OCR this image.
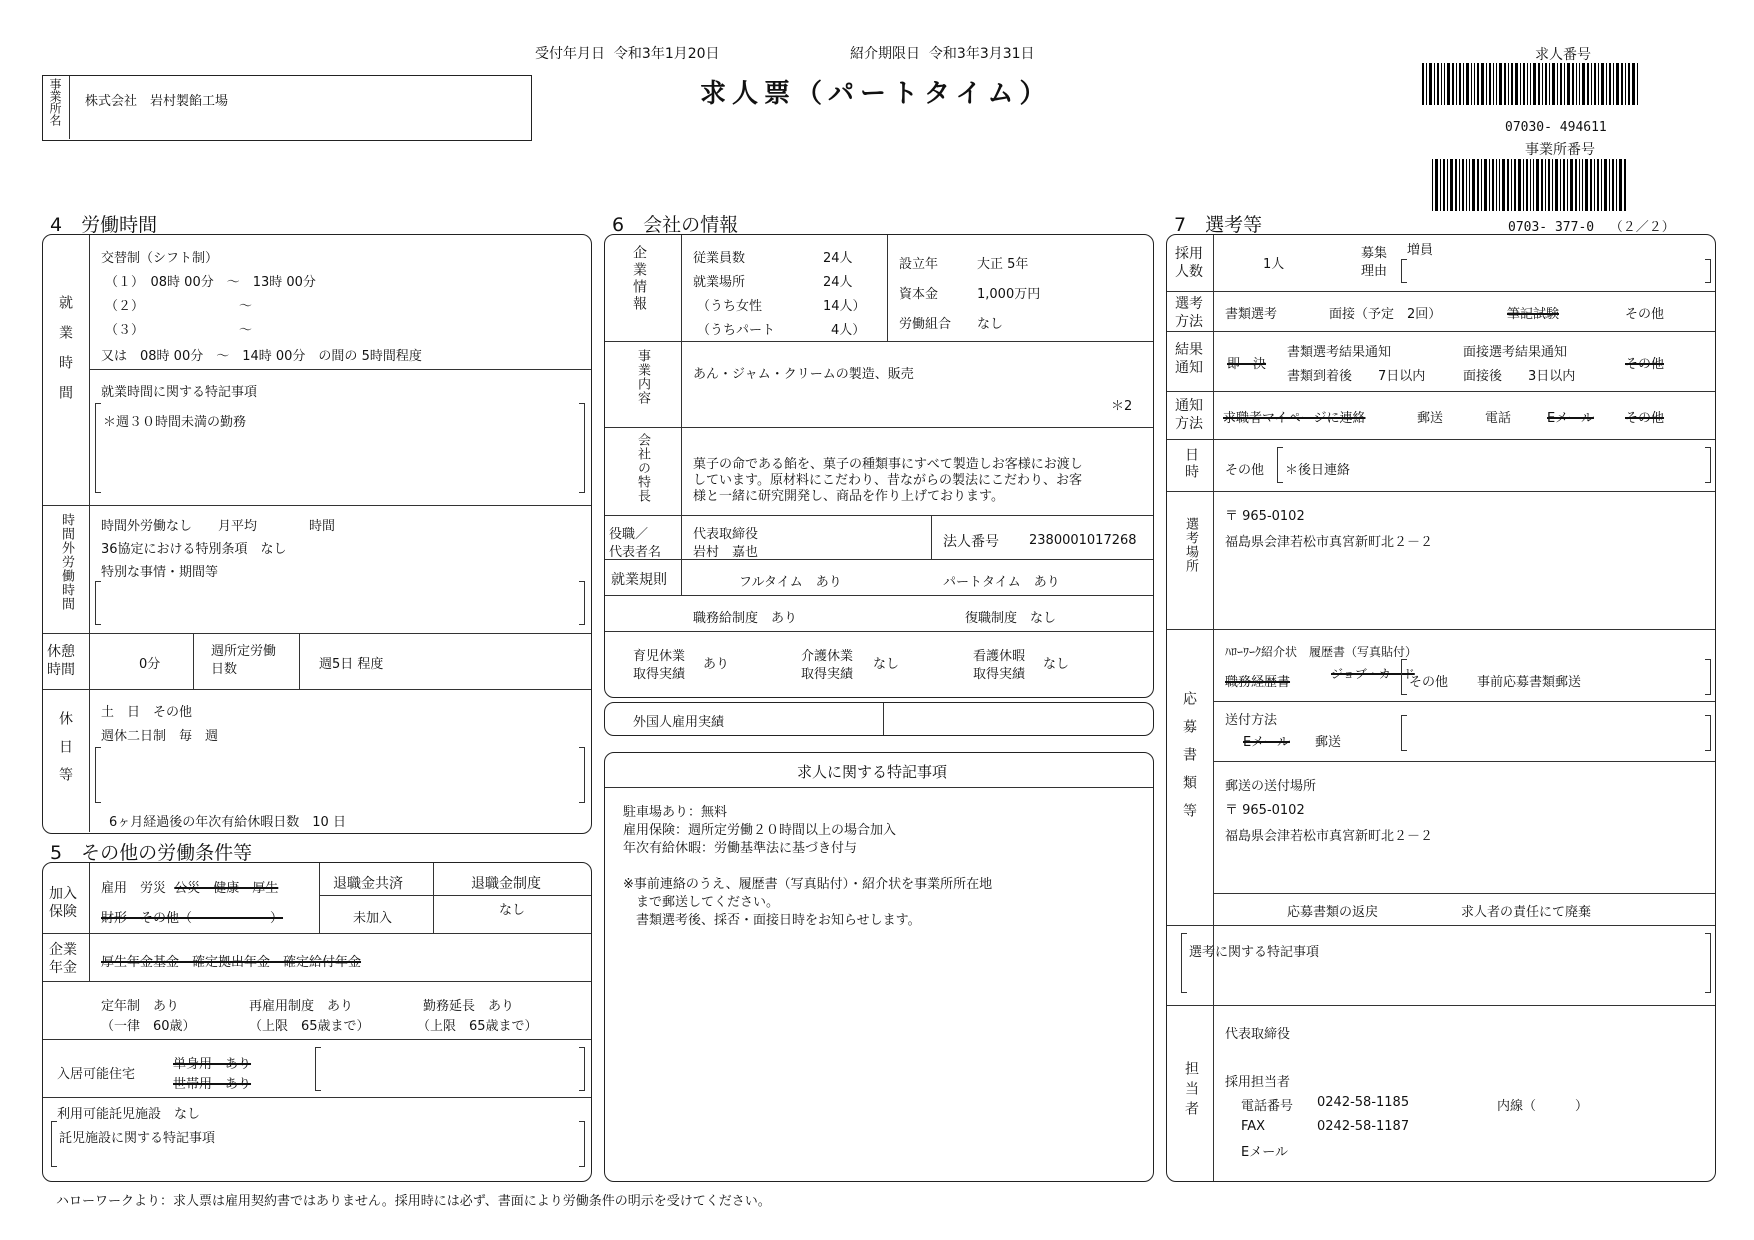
受付年月日 令和3年1月20日	紹介期限日 令和3年3月31日
求人票（パートタイム）
事業所名 株式会社　岩村製餡工場
求人番号
07030- 494611
事業所番号
0703- 377-0 （２／２）
4　労働時間
就業時間
交替制（シフト制）
（１）　08時 00分　～　13時 00分
（２）	～
（３）	～
又は　08時 00分　～　14時 00分　の間の 5時間程度
就業時間に関する特記事項
＊週３０時間未満の勤務
時間外労働時間 時間外労働なし　　月平均　　　　時間
36協定における特別条項　なし
特別な事情・期間等
休憩時間	0分
週所定労働日数	週5日 程度
休日等 土　日　その他
週休二日制　毎　週
6ヶ月経過後の年次有給休暇日数　10 日
5　その他の労働条件等
加入保険
雇用　労災 公災　健康　厚生
財形　その他（　　　　　　）
退職金共済
未加入
退職金制度
なし
企業年金	厚生年金基金　確定拠出年金　確定給付年金
定年制　あり
（一律　60歳）
再雇用制度　あり
（上限　65歳まで）
勤務延長　あり
（上限　65歳まで）
入居可能住宅
単身用　あり
世帯用　あり
利用可能託児施設　なし
託児施設に関する特記事項
6　会社の情報
企業情報	従業員数	24人
就業場所	24人
（うち女性	14人）
（うちパート	4人）
設立年	大正 5年
資本金	1,000万円
労働組合 なし
事業内容	あん・ジャム・クリームの製造、販売
＊2
会社の特長	菓子の命である餡を、菓子の種類事にすべて製造しお客様にお渡し
しています。原材料にこだわり、昔ながらの製法にこだわり、お客
様と一緒に研究開発し、商品を作り上げております。
役職／
代表者名
代表取締役
岩村　嘉也
法人番号 2380001017268
就業規則	フルタイム　あり	パートタイム　あり
職務給制度　あり	復職制度　なし
育児休業
取得実績
あり
介護休業
取得実績
なし
看護休暇
取得実績
なし
外国人雇用実績
求人に関する特記事項
駐車場あり：無料
雇用保険：週所定労働２０時間以上の場合加入
年次有給休暇：労働基準法に基づき付与
※事前連絡のうえ、履歴書（写真貼付）・紹介状を事業所所在地
　まで郵送してください。
　書類選考後、採否・面接日時をお知らせします。
7　選考等
採用人数	1人
募集理由
増員
選考方法	書類選考	面接（予定　2回）	筆記試験	その他
結果通知	即　決
書類選考結果通知
書類到着後　　7日以内
面接選考結果通知
面接後　　3日以内
その他
通知方法	求職者マイページに連絡	郵送	電話	Eメール その他
日時 その他 ＊後日連絡
選考場所
〒 965-0102
福島県会津若松市真宮新町北２－２
応募書類等
ﾊﾛｰﾜｰｸ紹介状　履歴書（写真貼付）
職務経歴書
ジョブ・カード
その他 事前応募書類郵送
送付方法
Eメール 郵送
郵送の送付場所
〒 965-0102
福島県会津若松市真宮新町北２－２
応募書類の返戻	求人者の責任にて廃棄
選考に関する特記事項
担当者
代表取締役
採用担当者
電話番号 0242-58-1185	内線（　　　）
FAX	0242-58-1187
Eメール
ハローワークより：求人票は雇用契約書ではありません。採用時には必ず、書面により労働条件の明示を受けてください。
